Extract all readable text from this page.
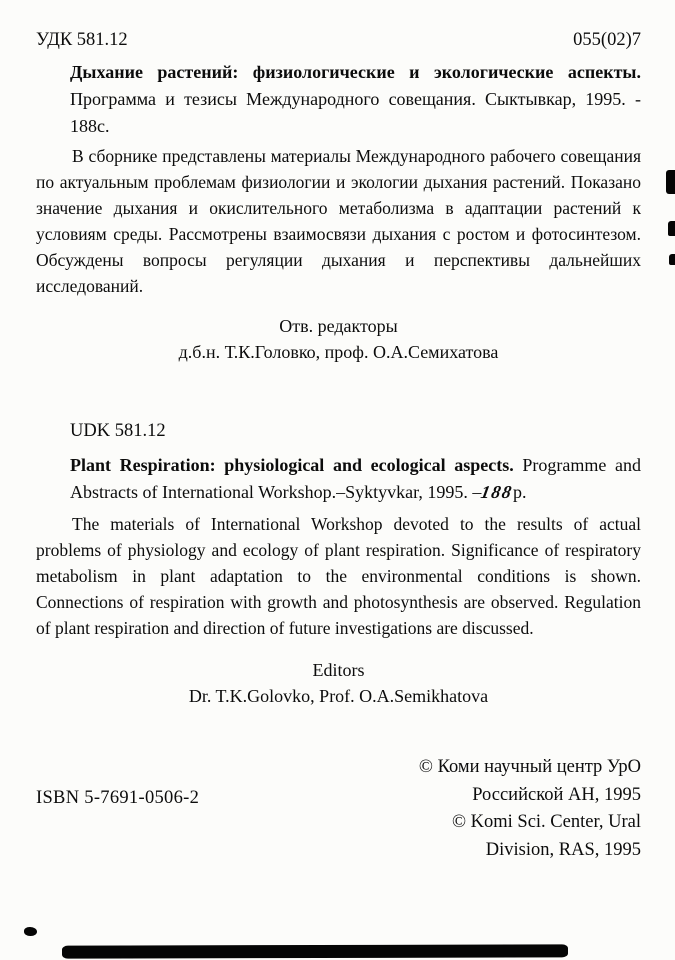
УДК 581.12	055(02)7

Дыхание растений: физиологические и экологические аспекты. Программа и тезисы Международного совещания. Сыктывкар, 1995. - 188с.

В сборнике представлены материалы Международного рабочего совещания по актуальным проблемам физиологии и экологии дыхания растений. Показано значение дыхания и окислительного метаболизма в адаптации растений к условиям среды. Рассмотрены взаимосвязи дыхания с ростом и фотосинтезом. Обсуждены вопросы регуляции дыхания и перспективы дальнейших исследований.

Отв. редакторы

д.б.н. Т.К.Головко, проф. О.А.Семихатова

UDK 581.12

Plant Respiration: physiological and ecological aspects. Programme and Abstracts of International Workshop.–Syktyvkar, 1995. –188p.

The materials of International Workshop devoted to the results of actual problems of physiology and ecology of plant respiration. Significance of respiratory metabolism in plant adaptation to the environmental conditions is shown. Connections of respiration with growth and photosynthesis are observed. Regulation of plant respiration and direction of future investigations are discussed.

Editors

Dr. T.K.Golovko, Prof. O.A.Semikhatova

ISBN 5-7691-0506-2
© Коми научный центр УрО
Российской АН, 1995
© Komi Sci. Center, Ural
Division, RAS, 1995
